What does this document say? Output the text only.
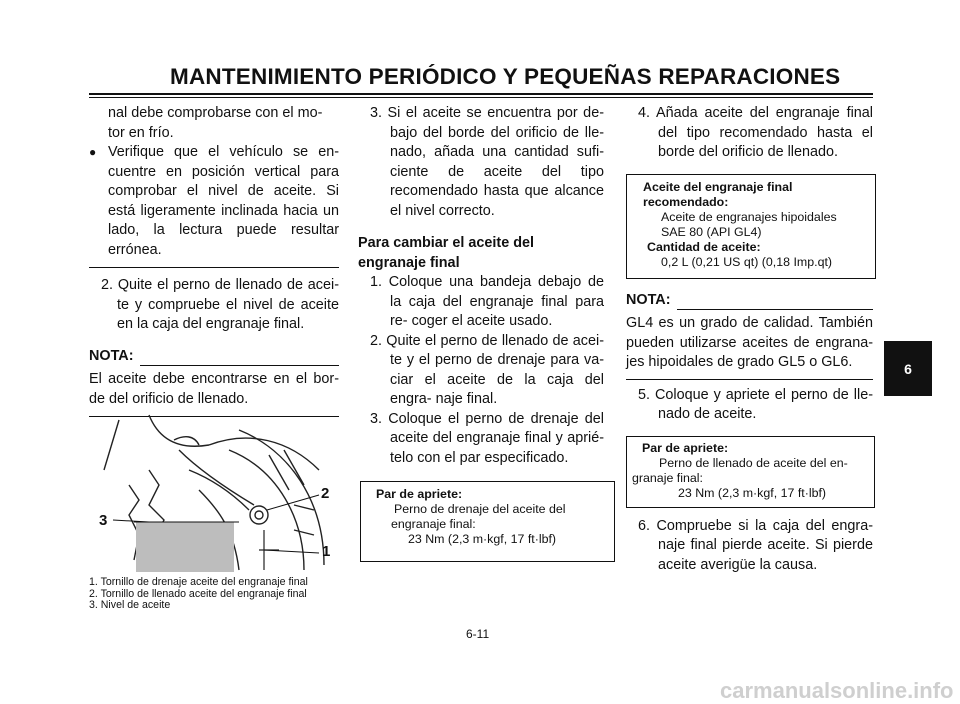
MANTENIMIENTO PERIÓDICO Y PEQUEÑAS REPARACIONES

nal debe comprobarse con el mo-

tor en frío.

● Verifique que el vehículo se en- cuentre en posición vertical para comprobar el nivel de aceite. Si está ligeramente inclinada hacia un lado, la lectura puede resultar errónea.

2. Quite el perno de llenado de acei- te y compruebe el nivel de aceite en la caja del engranaje final.

NOTA:

El aceite debe encontrarse en el bor- de del orificio de llenado.

2
3
1
1. Tornillo de drenaje aceite del engranaje final
2. Tornillo de llenado aceite del engranaje final
3. Nivel de aceite

3. Si el aceite se encuentra por de- bajo del borde del orificio de lle- nado, añada una cantidad sufi- ciente de aceite del tipo recomendado hasta que alcance el nivel correcto.

Para cambiar el aceite del engranaje final

1. Coloque una bandeja debajo de la caja del engranaje final para re- coger el aceite usado.

2. Quite el perno de llenado de acei- te y el perno de drenaje para va- ciar el aceite de la caja del engra- naje final.

3. Coloque el perno de drenaje del aceite del engranaje final y aprié- telo con el par especificado.

Par de apriete:
Perno de drenaje del aceite del
engranaje final:
23 Nm (2,3 m·kgf, 17 ft·lbf)

4. Añada aceite del engranaje final del tipo recomendado hasta el borde del orificio de llenado.

Aceite del engranaje final
recomendado:
Aceite de engranajes hipoidales
SAE 80 (API GL4)
Cantidad de aceite:
0,2 L (0,21 US qt) (0,18 Imp.qt)
NOTA:

GL4 es un grado de calidad. También pueden utilizarse aceites de engrana- jes hipoidales de grado GL5 o GL6.

5. Coloque y apriete el perno de lle- nado de aceite.

Par de apriete:
Perno de llenado de aceite del en-
granaje final:
23 Nm (2,3 m·kgf, 17 ft·lbf)

6. Compruebe si la caja del engra- naje final pierde aceite. Si pierde aceite averigüe la causa.

6
6-11
carmanualsonline.info
